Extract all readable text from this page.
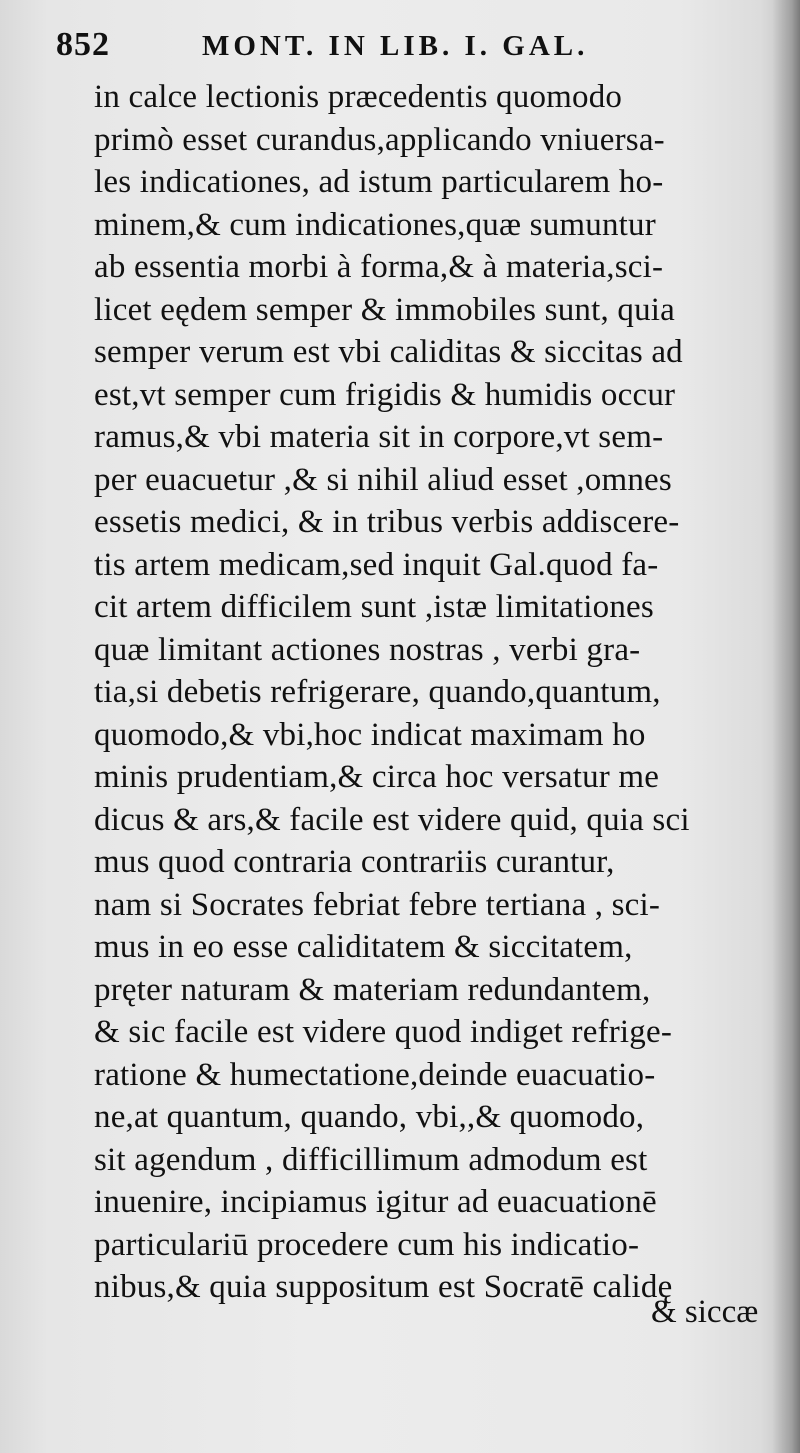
852	MONT. IN LIB. I. GAL.
in calce lectionis præcedentis quomodo
primò esset curandus,applicando vniuersa-
les indicationes, ad istum particularem ho-
minem,& cum indicationes,quæ sumuntur
ab essentia morbi à forma,& à materia,sci-
licet eędem semper & immobiles sunt, quia
semper verum est vbi caliditas & siccitas ad
est,vt semper cum frigidis & humidis occur
ramus,& vbi materia sit in corpore,vt sem-
per euacuetur ,& si nihil aliud esset ,omnes
essetis medici, & in tribus verbis addiscere-
tis artem medicam,sed inquit Gal.quod fa-
cit artem difficilem sunt ,istæ limitationes
quæ limitant actiones nostras , verbi gra-
tia,si debetis refrigerare, quando,quantum,
quomodo,& vbi,hoc indicat maximam ho
minis prudentiam,& circa hoc versatur me
dicus & ars,& facile est videre quid, quia sci
mus quod contraria contrariis curantur,
nam si Socrates febriat febre tertiana , sci-
mus in eo esse caliditatem & siccitatem,
pręter naturam & materiam redundantem,
& sic facile est videre quod indiget refrige-
ratione & humectatione,deinde euacuatio-
ne,at quantum, quando, vbi,,& quomodo,
sit agendum , difficillimum admodum est
inuenire, incipiamus igitur ad euacuationē
particulariū procedere cum his indicatio-
nibus,& quia suppositum est Socratē calidę
& siccæ
